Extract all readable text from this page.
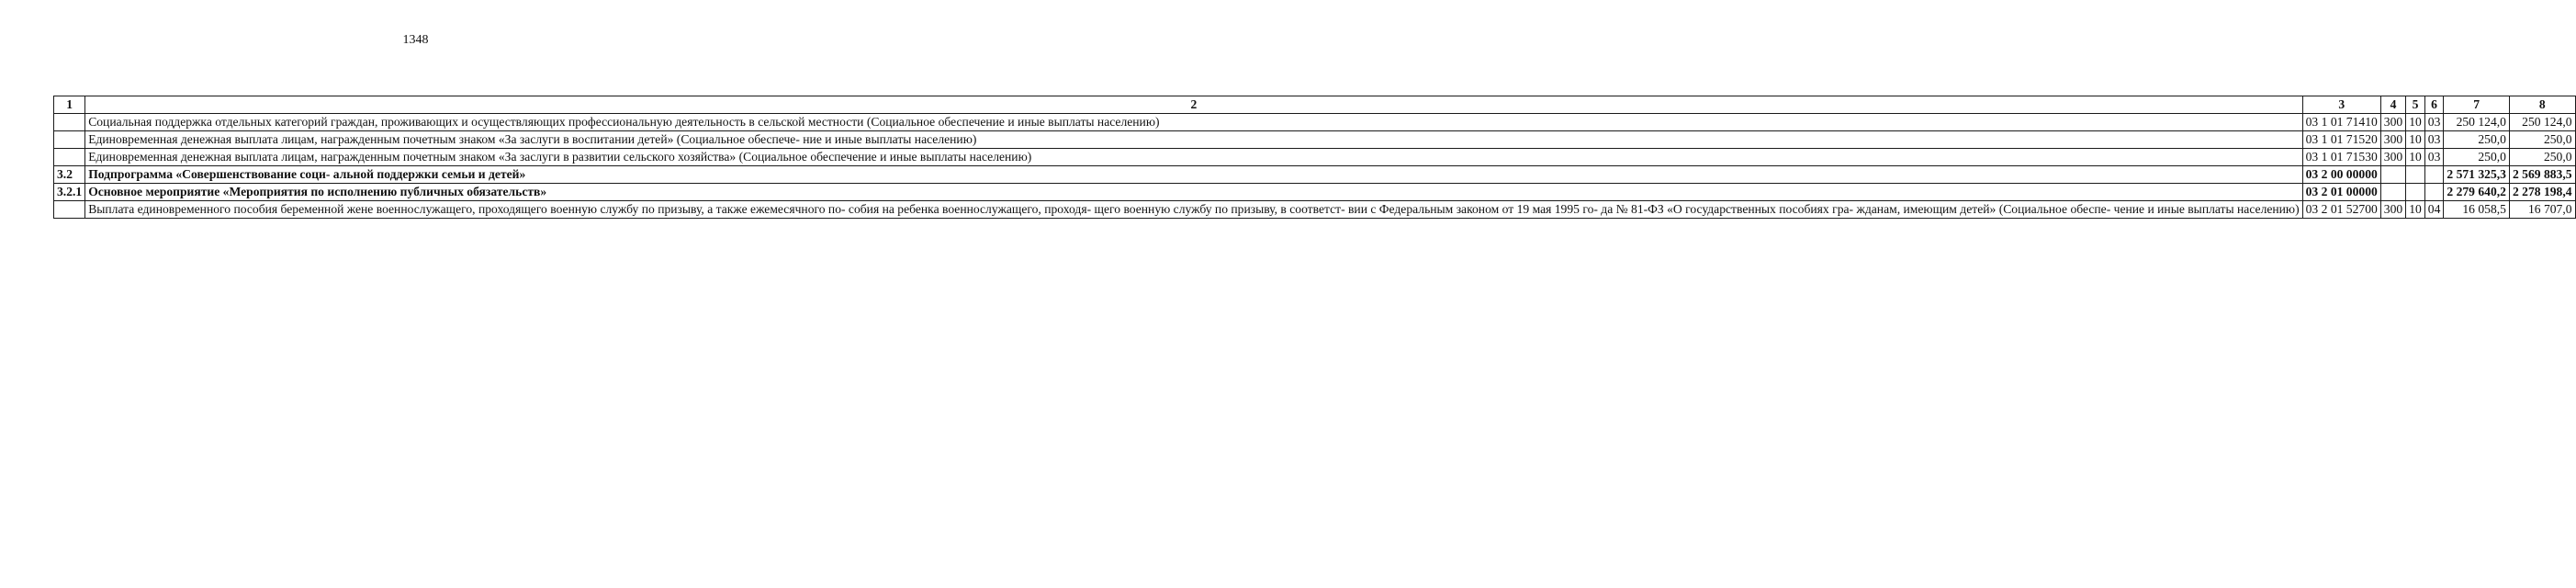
1348
1	2	3	4	5	6	7	8
	Социальная поддержка отдельных категорий граждан, проживающих и осуществляющих профессиональную деятельность в сельской местности (Социальное обеспечение и иные выплаты населению)	03 1 01 71410	300	10	03	250 124,0	250 124,0
	Единовременная денежная выплата лицам, награжденным почетным знаком «За заслуги в воспитании детей» (Социальное обеспече- ние и иные выплаты населению)	03 1 01 71520	300	10	03	250,0	250,0
	Единовременная денежная выплата лицам, награжденным почетным знаком «За заслуги в развитии сельского хозяйства» (Социальное обеспечение и иные выплаты населению)	03 1 01 71530	300	10	03	250,0	250,0
3.2	Подпрограмма «Совершенствование соци- альной поддержки семьи и детей»	03 2 00 00000				2 571 325,3	2 569 883,5
3.2.1	Основное мероприятие «Мероприятия по исполнению публичных обязательств»	03 2 01 00000				2 279 640,2	2 278 198,4
	Выплата единовременного пособия беременной жене военнослужащего, проходящего военную службу по призыву, а также ежемесячного по- собия на ребенка военнослужащего, проходя- щего военную службу по призыву, в соответст- вии с Федеральным законом от 19 мая 1995 го- да № 81-ФЗ «О государственных пособиях гра- жданам, имеющим детей» (Социальное обеспе- чение и иные выплаты населению)	03 2 01 52700	300	10	04	16 058,5	16 707,0
